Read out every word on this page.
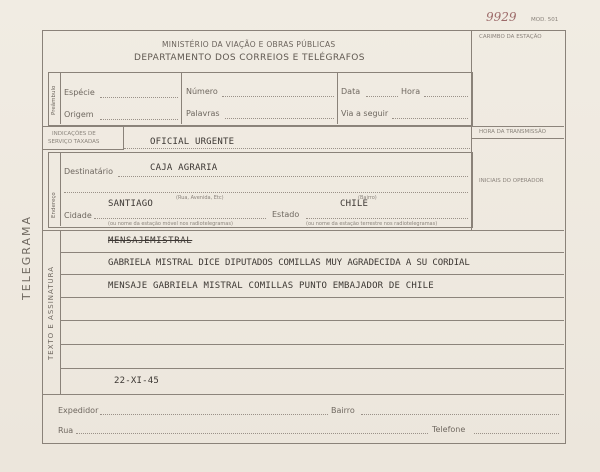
9929	MOD. 501
CARIMBO DA ESTAÇÃO
MINISTÉRIO DA VIAÇÃO E OBRAS PÚBLICAS
DEPARTAMENTO DOS CORREIOS E TELÉGRAFOS
TELEGRAMA
Preâmbulo Espécie	Número	Data	Hora
Origem	Palavras	Via a seguir
HORA DA TRANSMISSÃO
INICIAIS DO OPERADOR
INDICAÇÕES DE
SERVIÇO TAXADAS	OFICIAL URGENTE
Endereço
Destinatário	CAJA AGRARIA
(Rua, Avenida, Etc)	(Bairro)
SANTIAGO	CHILE
Cidade	Estado
(ou nome da estação móvel nos radiotelegramas)	(ou nome da estação terrestre nos radiotelegramas)
TEXTO E ASSINATURA
MENSAJEMISTRAL
GABRIELA MISTRAL DICE DIPUTADOS COMILLAS MUY AGRADECIDA A SU CORDIAL
MENSAJE GABRIELA MISTRAL COMILLAS PUNTO EMBAJADOR DE CHILE
22-XI-45
Expedidor	Bairro
Rua	Telefone
